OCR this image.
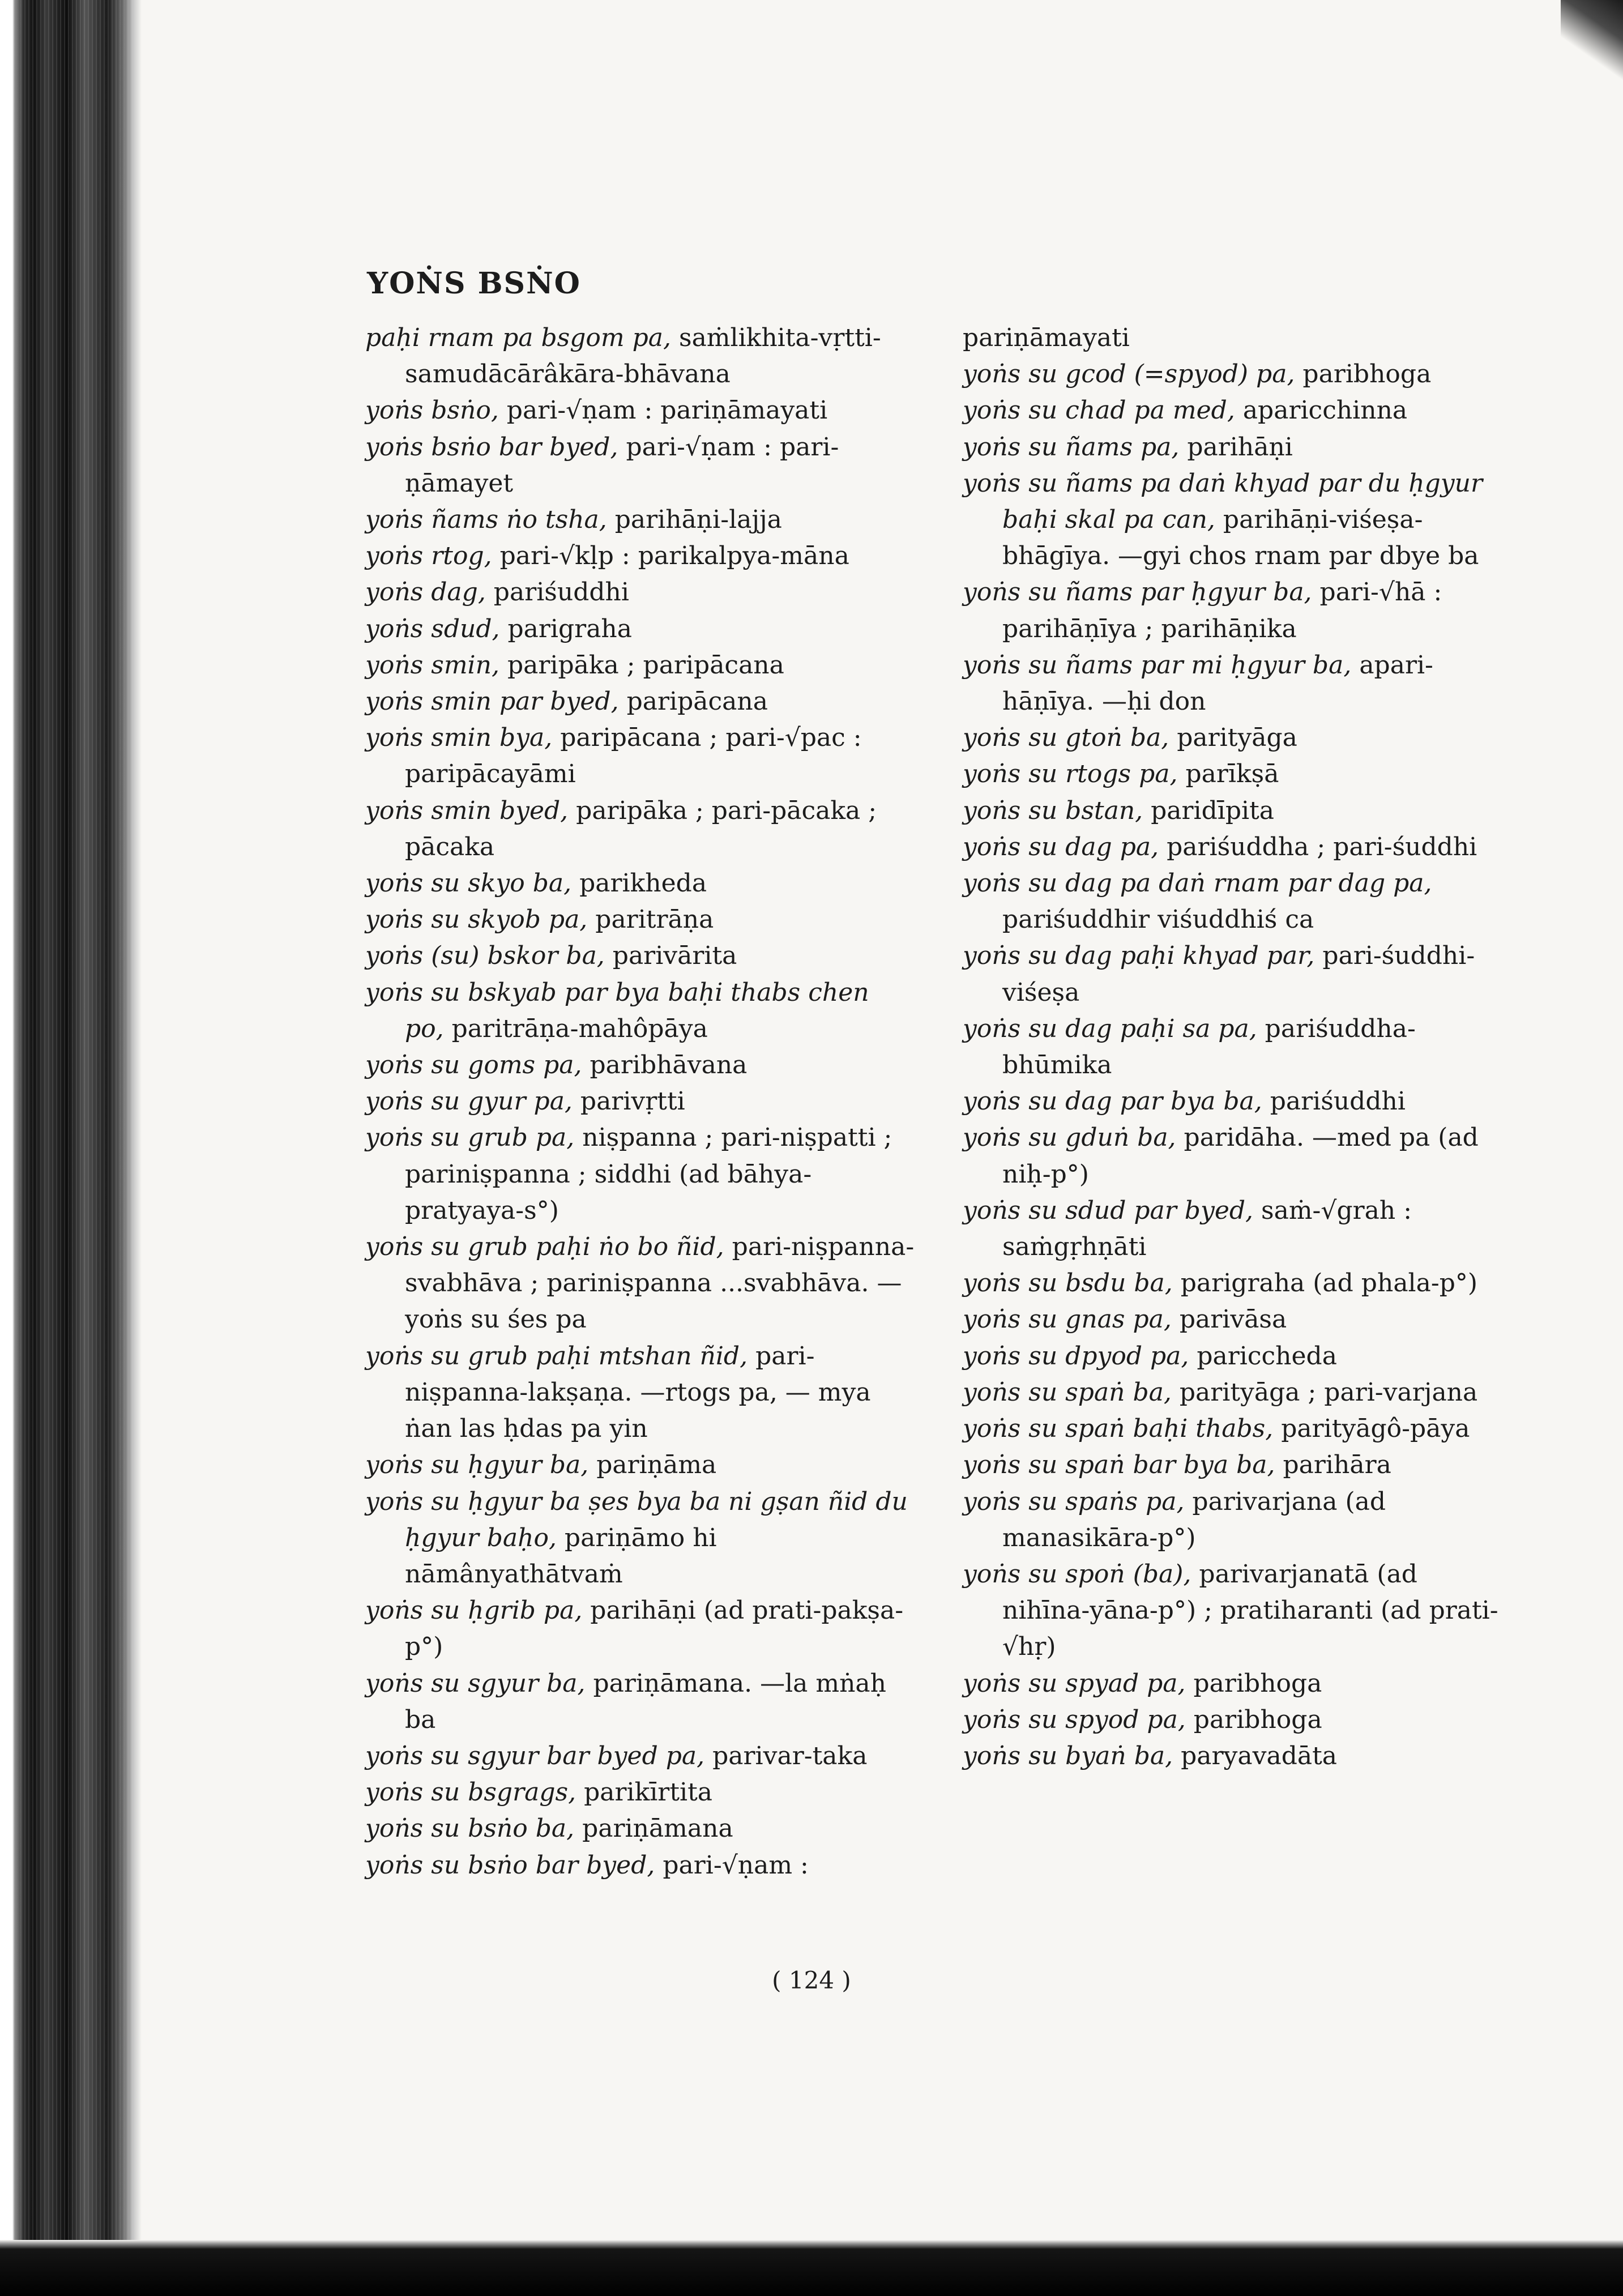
YOṄS BSṄO
paḥi rnam pa bsgom pa, saṁlikhita-vṛtti-samudācārâkāra-bhāvana
yoṅs bsṅo, pari-√ṇam : pariṇāmayati
yoṅs bsṅo bar byed, pari-√ṇam : pari-ṇāmayet
yoṅs ñams ṅo tsha, parihāṇi-lajja
yoṅs rtog, pari-√kḷp : parikalpya-māna
yoṅs dag, pariśuddhi
yoṅs sdud, parigraha
yoṅs smin, paripāka ; paripācana
yoṅs smin par byed, paripācana
yoṅs smin bya, paripācana ; pari-√pac : paripācayāmi
yoṅs smin byed, paripāka ; pari-pācaka ; pācaka
yoṅs su skyo ba, parikheda
yoṅs su skyob pa, paritrāṇa
yoṅs (su) bskor ba, parivārita
yoṅs su bskyab par bya baḥi thabs chen po, paritrāṇa-mahôpāya
yoṅs su goms pa, paribhāvana
yoṅs su gyur pa, parivṛtti
yoṅs su grub pa, niṣpanna ; pari-niṣpatti ; pariniṣpanna ; siddhi (ad bāhya-pratyaya-s°)
yoṅs su grub paḥi ṅo bo ñid, pari-niṣpanna-svabhāva ; pariniṣpanna ...svabhāva. —yoṅs su śes pa
yoṅs su grub paḥi mtshan ñid, pari-niṣpanna-lakṣaṇa. —rtogs pa, — mya ṅan las ḥdas pa yin
yoṅs su ḥgyur ba, pariṇāma
yoṅs su ḥgyur ba ṣes bya ba ni gṣan ñid du ḥgyur baḥo, pariṇāmo hi nāmânyathātvaṁ
yoṅs su ḥgrib pa, parihāṇi (ad prati-pakṣa-p°)
yoṅs su sgyur ba, pariṇāmana. —la mṅaḥ ba
yoṅs su sgyur bar byed pa, parivar-taka
yoṅs su bsgrags, parikīrtita
yoṅs su bsṅo ba, pariṇāmana
yoṅs su bsṅo bar byed, pari-√ṇam :
pariṇāmayati
yoṅs su gcod (=spyod) pa, paribhoga
yoṅs su chad pa med, aparicchinna
yoṅs su ñams pa, parihāṇi
yoṅs su ñams pa daṅ khyad par du ḥgyur baḥi skal pa can, parihāṇi-viśeṣa-bhāgīya. —gyi chos rnam par dbye ba
yoṅs su ñams par ḥgyur ba, pari-√hā : parihāṇīya ; parihāṇika
yoṅs su ñams par mi ḥgyur ba, apari-hāṇīya. —ḥi don
yoṅs su gtoṅ ba, parityāga
yoṅs su rtogs pa, parīkṣā
yoṅs su bstan, paridīpita
yoṅs su dag pa, pariśuddha ; pari-śuddhi
yoṅs su dag pa daṅ rnam par dag pa, pariśuddhir viśuddhiś ca
yoṅs su dag paḥi khyad par, pari-śuddhi-viśeṣa
yoṅs su dag paḥi sa pa, pariśuddha-bhūmika
yoṅs su dag par bya ba, pariśuddhi
yoṅs su gduṅ ba, paridāha. —med pa (ad niḥ-p°)
yoṅs su sdud par byed, saṁ-√grah : saṁgṛhṇāti
yoṅs su bsdu ba, parigraha (ad phala-p°)
yoṅs su gnas pa, parivāsa
yoṅs su dpyod pa, pariccheda
yoṅs su spaṅ ba, parityāga ; pari-varjana
yoṅs su spaṅ baḥi thabs, parityāgô-pāya
yoṅs su spaṅ bar bya ba, parihāra
yoṅs su spaṅs pa, parivarjana (ad manasikāra-p°)
yoṅs su spoṅ (ba), parivarjanatā (ad nihīna-yāna-p°) ; pratiharanti (ad prati-√hṛ)
yoṅs su spyad pa, paribhoga
yoṅs su spyod pa, paribhoga
yoṅs su byaṅ ba, paryavadāta
( 124 )
